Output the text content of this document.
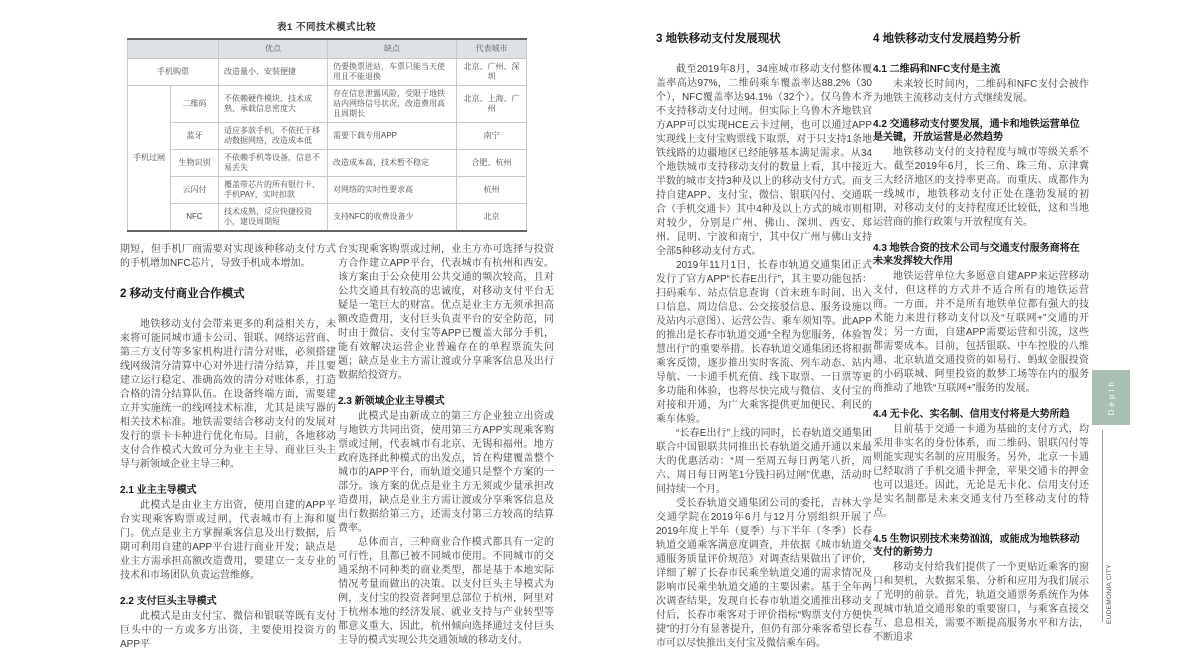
表1 不同技术模式比较
		优点	缺点	代表城市
手机购票		改造量小、安装便捷	仍要换票进站，车票只能当天使用且不能退换	北京、广州、深圳
手机过闸	二维码	不依赖硬件模块、技术成熟、承载信息密度大	存在信息泄露风险，受限于地铁站内网络信号状况，改造费用高且周期长	北京、上海、广州
	蓝牙	适应多款手机，不依托于移动数据网络，改造成本低	需要下载专用APP	南宁
	生物识别	不依赖手机等设备，信息不易丢失	改造成本高，技术暂不稳定	合肥、杭州
	云闪付	覆盖带芯片的所有银行卡、手机PAY，实时扣款	对网络的实时性要求高	杭州
	NFC	技术成熟，反应快捷投资小，建设周期短	支持NFC的收费设备少	北京

期短，但手机厂商需要对实现该种移动支付方式的手机增加NFC芯片，导致手机成本增加。

2 移动支付商业合作模式

地铁移动支付会带来更多的利益相关方，未来将可能同城市通卡公司、银联、网络运营商、第三方支付等多家机构进行清分对账，必须搭建线网级清分清算中心对外进行清分结算，并且要建立运行稳定、准确高效的清分对账体系，打造合格的清分结算队伍。在设备终端方面，需要建立并实施统一的线网技术标准，尤其是读写器的相关技术标准。地铁需要结合移动支付的发展对发行的票卡卡种进行优化布局。目前，各地移动支付合作模式大致可分为业主主导、商业巨头主导与新领域企业主导三种。

2.1 业主主导模式

此模式是由业主方出资，使用自建的APP平台实现乘客购票或过闸，代表城市有上海和厦门。优点是业主方掌握乘客信息及出行数据，后期可利用自建的APP平台进行商业开发；缺点是业主方需承担高额改造费用，要建立一支专业的技术和市场团队负责运营维修。

2.2 支付巨头主导模式

此模式是由支付宝、微信和银联等既有支付巨头中的一方或多方出资，主要使用投资方的APP平

台实现乘客购票或过闸，业主方亦可选择与投资方合作建立APP平台，代表城市有杭州和西安。该方案由于公众使用公共交通的频次较高，且对公共交通具有较高的忠诚度，对移动支付平台无疑是一笔巨大的财富。优点是业主方无须承担高额改造费用，支付巨头负责平台的安全防范，同时由于微信、支付宝等APP已覆盖大部分手机，能有效解决运营企业普遍存在的单程票流失问题；缺点是业主方需让渡或分享乘客信息及出行数据给投资方。

2.3 新领域企业主导模式

此模式是由新成立的第三方企业独立出资或与地铁方共同出资，使用第三方APP实现乘客购票或过闸，代表城市有北京、无锡和福州。地方政府选择此种模式的出发点，旨在构建覆盖整个城市的APP平台，而轨道交通只是整个方案的一部分。该方案的优点是业主方无须或少量承担改造费用，缺点是业主方需让渡或分享乘客信息及出行数据给第三方，还需支付第三方较高的结算费率。

总体而言，三种商业合作模式都具有一定的可行性，且都已被不同城市使用。不同城市的交通采纳不同种类的商业类型，都是基于本地实际情况考量而做出的决策。以支付巨头主导模式为例，支付宝的投资者阿里总部位于杭州，阿里对于杭州本地的经济发展、就业支持与产业转型等都意义重大，因此，杭州倾向选择通过支付巨头主导的模式实现公共交通领域的移动支付。

3 地铁移动支付发展现状

截至2019年8月，34座城市移动支付整体覆盖率高达97%，二维码乘车覆盖率达88.2%（30个），NFC覆盖率达94.1%（32个）。仅乌鲁木齐不支持移动支付过闸。但实际上乌鲁木齐地铁官方APP可以实现HCE云卡过闸，也可以通过APP实现线上支付宝购票线下取票，对于只支持1条地铁线路的边疆地区已经能够基本满足需求。从34个地铁城市支持移动支付的数量上看，其中接近半数的城市支持3种及以上的移动支付方式。而支持自建APP、支付宝、微信、银联闪付、交通联合（手机交通卡）其中4种及以上方式的城市则相对较少，分别是广州、佛山、深圳、西安、郑州、昆明、宁波和南宁，其中仅广州与佛山支持全部5种移动支付方式。

2019年11月1日，长春市轨道交通集团正式发行了官方APP“长春E出行”，其主要功能包括：扫码乘车、站点信息查询（首末班车时间、出入口信息、周边信息、公交接驳信息、服务设施以及站内示意图）、运营公告、乘车须知等。此APP的推出是长春市轨道交通“全程为您服务，体验智慧出行”的重要举措。长春轨道交通集团还将根据乘客反馈，逐步推出实时客流、列车动态、站内导航、一卡通手机充值、线下取票、一日票等更多功能和体验，也将尽快完成与微信、支付宝的对接和开通，为广大乘客提供更加便民、利民的乘车体验。

“长春E出行”上线的同时，长春轨道交通集团联合中国银联共同推出长春轨道交通开通以来最大的优惠活动：“周一至周五每日两笔八折，周六、周日每日两笔1分钱扫码过闸”优惠，活动时间持续一个月。

受长春轨道交通集团公司的委托，吉林大学交通学院在2019年6月与12月分别组织开展了2019年度上半年（夏季）与下半年（冬季）长春轨道交通乘客满意度调查，并依据《城市轨道交通服务质量评价规范》对调查结果做出了评价，详细了解了长春市民乘坐轨道交通的需求情况及影响市民乘坐轨道交通的主要因素。基于全年两次调查结果，发现自长春市轨道交通推出移动支付后，长春市乘客对于评价指标“购票支付方便快捷”的打分有显著提升，但仍有部分乘客希望长春市可以尽快推出支付宝及微信乘车码。

4 地铁移动支付发展趋势分析
4.1 二维码和NFC支付是主流

未来较长时间内，二维码和NFC支付会被作为地铁主流移动支付方式继续发展。

4.2 交通移动支付要发展，通卡和地铁运营单位是关键，开放运营是必然趋势

地铁移动支付的支持程度与城市等级关系不大。截至2019年6月，长三角、珠三角、京津冀三大经济地区的支持率更高。而重庆、成都作为一线城市，地铁移动支付正处在蓬勃发展的初期，对移动支付的支持程度还比较低，这和当地运营商的推行政策与开放程度有关。

4.3 地铁合资的技术公司与交通支付服务商将在未来发挥较大作用

地铁运营单位大多愿意自建APP来运营移动支付，但这样的方式并不适合所有的地铁运营商。一方面，并不是所有地铁单位都有强大的技术能力来进行移动支付以及“互联网+”交通的开发；另一方面，自建APP需要运营和引流，这些都需要成本。目前，包括银联、中车控股的八维通、北京轨道交通投资的如易行、蚂蚁金服投资的小码联城、阿里投资的数梦工场等在内的服务商推动了地铁“互联网+”服务的发展。

4.4 无卡化、实名制、信用支付将是大势所趋

目前基于交通一卡通为基础的支付方式，均采用非实名的身份体系，而二维码、银联闪付等则能实现实名制的应用服务。另外，北京一卡通已经取消了手机交通卡押金，苹果交通卡的押金也可以退还。因此，无论是无卡化、信用支付还是实名制都是未来交通支付乃至移动支付的特点。

4.5 生物识别技术来势汹汹，或能成为地铁移动支付的新势力

移动支付给我们提供了一个更贴近乘客的窗口和契机，大数据采集、分析和应用为我们展示了光明的前景。首先，轨道交通票务系统作为体现城市轨道交通形象的重要窗口，与乘客直接交互、息息相关，需要不断提高服务水平和方法，不断追求

Depth
EUDEMONIA CITY
